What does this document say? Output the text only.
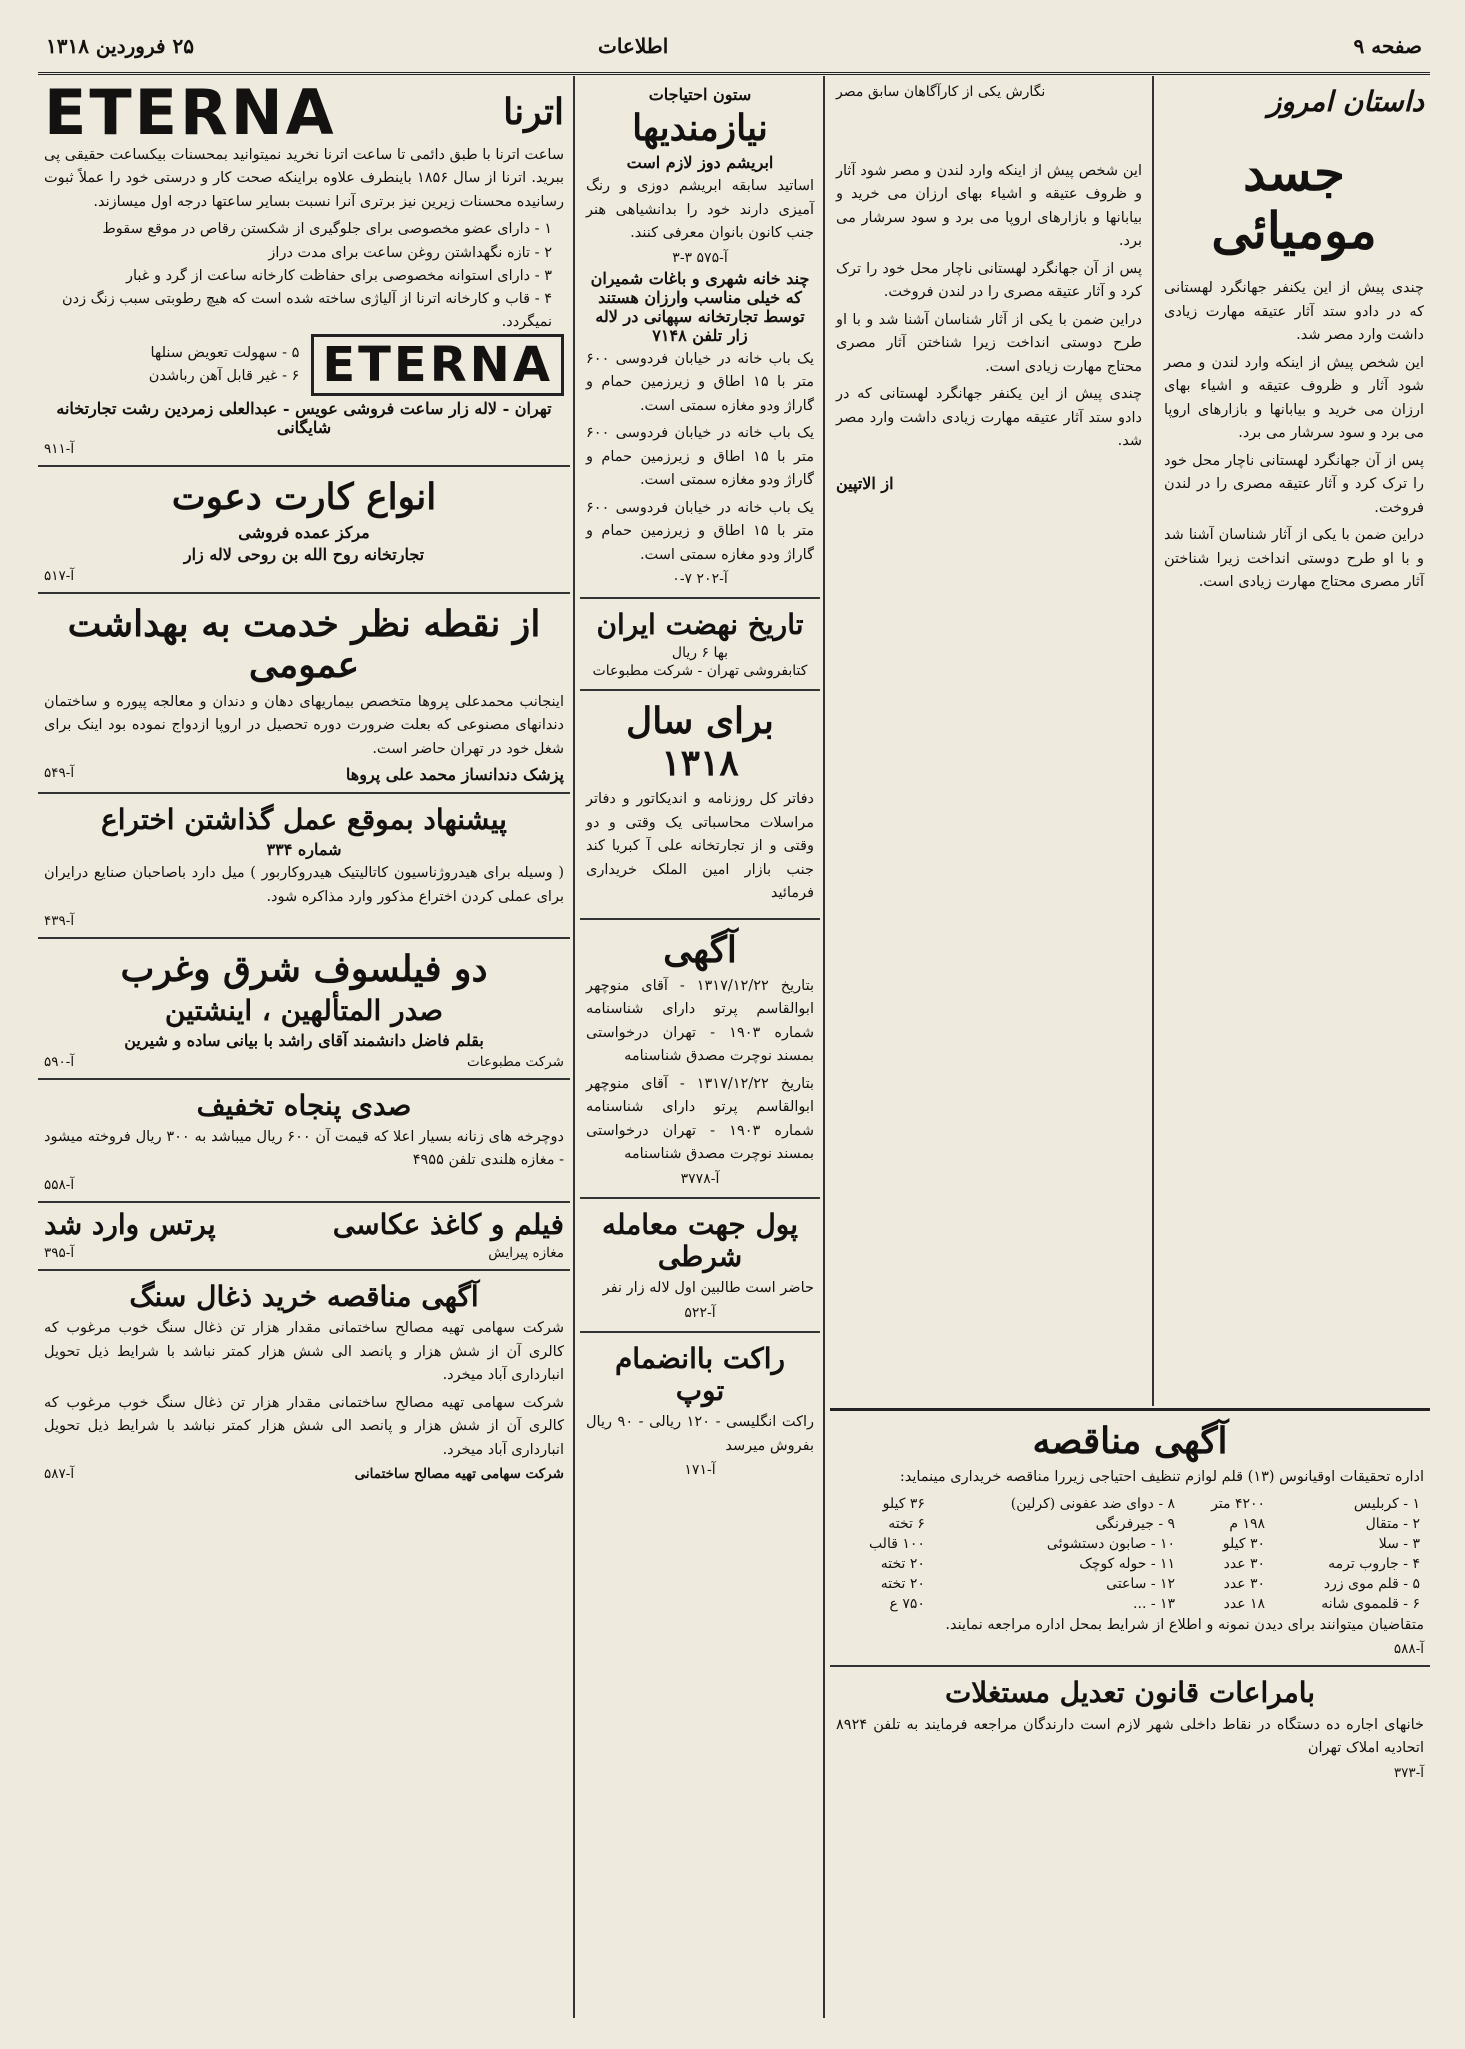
صفحه ۹
اطلاعات
۲۵ فروردین ۱۳۱۸
داستان امروز
جسد مومیائی

چندی پیش از این یکنفر جهانگرد لهستانی که در دادو ستد آثار عتیقه مهارت زیادی داشت وارد مصر شد.

این شخص پیش از اینکه وارد لندن و مصر شود آثار و ظروف عتیقه و اشیاء بهای ارزان می خرید و بیابانها و بازارهای اروپا می برد و سود سرشار می برد.

پس از آن جهانگرد لهستانی ناچار محل خود را ترک کرد و آثار عتیقه مصری را در لندن فروخت.

دراین ضمن با یکی از آثار شناسان آشنا شد و با او طرح دوستی انداخت زیرا شناختن آثار مصری محتاج مهارت زیادی است.

نگارش یکی از کارآگاهان سابق مصر

این شخص پیش از اینکه وارد لندن و مصر شود آثار و ظروف عتیقه و اشیاء بهای ارزان می خرید و بیابانها و بازارهای اروپا می برد و سود سرشار می برد.

پس از آن جهانگرد لهستانی ناچار محل خود را ترک کرد و آثار عتیقه مصری را در لندن فروخت.

دراین ضمن با یکی از آثار شناسان آشنا شد و با او طرح دوستی انداخت زیرا شناختن آثار مصری محتاج مهارت زیادی است.

چندی پیش از این یکنفر جهانگرد لهستانی که در دادو ستد آثار عتیقه مهارت زیادی داشت وارد مصر شد.

از الاتپین
آگهی مناقصه

اداره تحقیقات اوقیانوس (۱۳) قلم لوازم تنظیف احتیاجی زیررا مناقصه خریداری مینماید:

۱ - کربلیس	۴۲۰۰ متر	۸ - دوای ضد عفونی (کرلین)	۳۶ کیلو
۲ - متقال	۱۹۸ م	۹ - جیرفرنگی	۶ تخته
۳ - سلا	۳۰ کیلو	۱۰ - صابون دستشوئی	۱۰۰ قالب
۴ - جاروب ترمه	۳۰ عدد	۱۱ - حوله کوچک	۲۰ تخته
۵ - قلم موی زرد	۳۰ عدد	۱۲ - ساعتی	۲۰ تخته
۶ - قلمموی شانه	۱۸ عدد	۱۳ - ...	۷۵۰ ع

متقاضیان میتوانند برای دیدن نمونه و اطلاع از شرایط بمحل اداره مراجعه نمایند.

آ-۵۸۸
بامراعات قانون تعدیل مستغلات

خانهای اجاره ده دستگاه در نقاط داخلی شهر لازم است دارندگان مراجعه فرمایند به تلفن ۸۹۲۴ اتحادیه املاک تهران

آ-۳۷۳
ستون احتیاجات
نیازمندیها
ابریشم دوز لازم است

اساتید سابقه ابریشم دوزی و رنگ آمیزی دارند خود را بدانشیاهی هنر جنب کانون بانوان معرفی کنند.

آ-۵۷۵ ۳-۳
چند خانه شهری و باغات شمیران که خیلی مناسب وارزان هستند توسط تجارتخانه سپهانی در لاله زار تلفن ۷۱۴۸

یک باب خانه در خیابان فردوسی ۶۰۰ متر با ۱۵ اطاق و زیرزمین حمام و گاراژ ودو مغازه سمتی است.

یک باب خانه در خیابان فردوسی ۶۰۰ متر با ۱۵ اطاق و زیرزمین حمام و گاراژ ودو مغازه سمتی است.

یک باب خانه در خیابان فردوسی ۶۰۰ متر با ۱۵ اطاق و زیرزمین حمام و گاراژ ودو مغازه سمتی است.

آ-۲۰۲ ۷-۰
تاریخ نهضت ایران
بها ۶ ریال
کتابفروشی تهران - شرکت مطبوعات
برای سال ۱۳۱۸

دفاتر کل روزنامه و اندیکاتور و دفاتر مراسلات محاسباتی یک وقتی و دو وقتی و از تجارتخانه علی آ کبریا کند جنب بازار امین الملک خریداری فرمائید

آگهی

بتاریخ ۱۳۱۷/۱۲/۲۲ - آقای منوچهر ابوالقاسم پرتو دارای شناسنامه شماره ۱۹۰۳ - تهران درخواستی بمسند نوچرت مصدق شناسنامه

بتاریخ ۱۳۱۷/۱۲/۲۲ - آقای منوچهر ابوالقاسم پرتو دارای شناسنامه شماره ۱۹۰۳ - تهران درخواستی بمسند نوچرت مصدق شناسنامه

آ-۳۷۷۸
پول جهت معامله شرطی

حاضر است طالبین اول لاله زار نفر

آ-۵۲۲
راکت باانضمام توپ

راکت انگلیسی - ۱۲۰ ریالی - ۹۰ ریال بفروش میرسد

آ-۱۷۱
اترنا
ETERNA

ساعت اترنا با طبق دائمی تا ساعت اترنا نخرید نمیتوانید بمحسنات بیکساعت حقیقی پی ببرید. اترنا از سال ۱۸۵۶ باینطرف علاوه براینکه صحت کار و درستی خود را عملاً ثبوت رسانیده محسنات زیرین نیز برتری آنرا نسبت بسایر ساعتها درجه اول میسازند.

۱ - دارای عضو مخصوصی برای جلوگیری از شکستن رقاص در موقع سقوط
۲ - تازه نگهداشتن روغن ساعت برای مدت دراز
۳ - دارای استوانه مخصوصی برای حفاظت کارخانه ساعت از گرد و غبار
۴ - قاب و کارخانه اترنا از آلیاژی ساخته شده است که هیچ رطوبتی سبب زنگ زدن نمیگردد.
ETERNA
۵ - سهولت تعویض سنلها
۶ - غیر قابل آهن رباشدن
تهران - لاله زار ساعت فروشی عویس - عبدالعلی زمردین رشت تجارتخانه شایگانی
آ-۹۱۱
انواع کارت دعوت
مرکز عمده فروشی
تجارتخانه روح الله بن روحی لاله زار
آ-۵۱۷
از نقطه نظر خدمت به بهداشت عمومی

اینجانب محمدعلی پروها متخصص بیماریهای دهان و دندان و معالجه پیوره و ساختمان دندانهای مصنوعی که بعلت ضرورت دوره تحصیل در اروپا ازدواج نموده بود اینک برای شغل خود در تهران حاضر است.

پزشک دندانساز محمد علی پروها
آ-۵۴۹
پیشنهاد بموقع عمل گذاشتن اختراع
شماره ۳۳۴

( وسیله برای هیدروژناسیون کاتالیتیک هیدروکاربور ) میل دارد باصاحبان صنایع درایران برای عملی کردن اختراع مذکور وارد مذاکره شود.

آ-۴۳۹
دو فیلسوف شرق وغرب
صدر المتألهین ، اینشتین
بقلم فاضل دانشمند آقای راشد با بیانی ساده و شیرین
شرکت مطبوعات
آ-۵۹۰
صدی پنجاه تخفیف

دوچرخه های زنانه بسیار اعلا که قیمت آن ۶۰۰ ریال میباشد به ۳۰۰ ریال فروخته میشود - مغازه هلندی تلفن ۴۹۵۵

آ-۵۵۸
فیلم و کاغذ عکاسی
پرتس وارد شد
مغازه پیرایش
آ-۳۹۵
آگهی مناقصه خرید ذغال سنگ

شرکت سهامی تهیه مصالح ساختمانی مقدار هزار تن ذغال سنگ خوب مرغوب که کالری آن از شش هزار و پانصد الی شش هزار کمتر نباشد با شرایط ذیل تحویل انبارداری آباد میخرد.

شرکت سهامی تهیه مصالح ساختمانی مقدار هزار تن ذغال سنگ خوب مرغوب که کالری آن از شش هزار و پانصد الی شش هزار کمتر نباشد با شرایط ذیل تحویل انبارداری آباد میخرد.

شرکت سهامی تهیه مصالح ساختمانی
آ-۵۸۷
